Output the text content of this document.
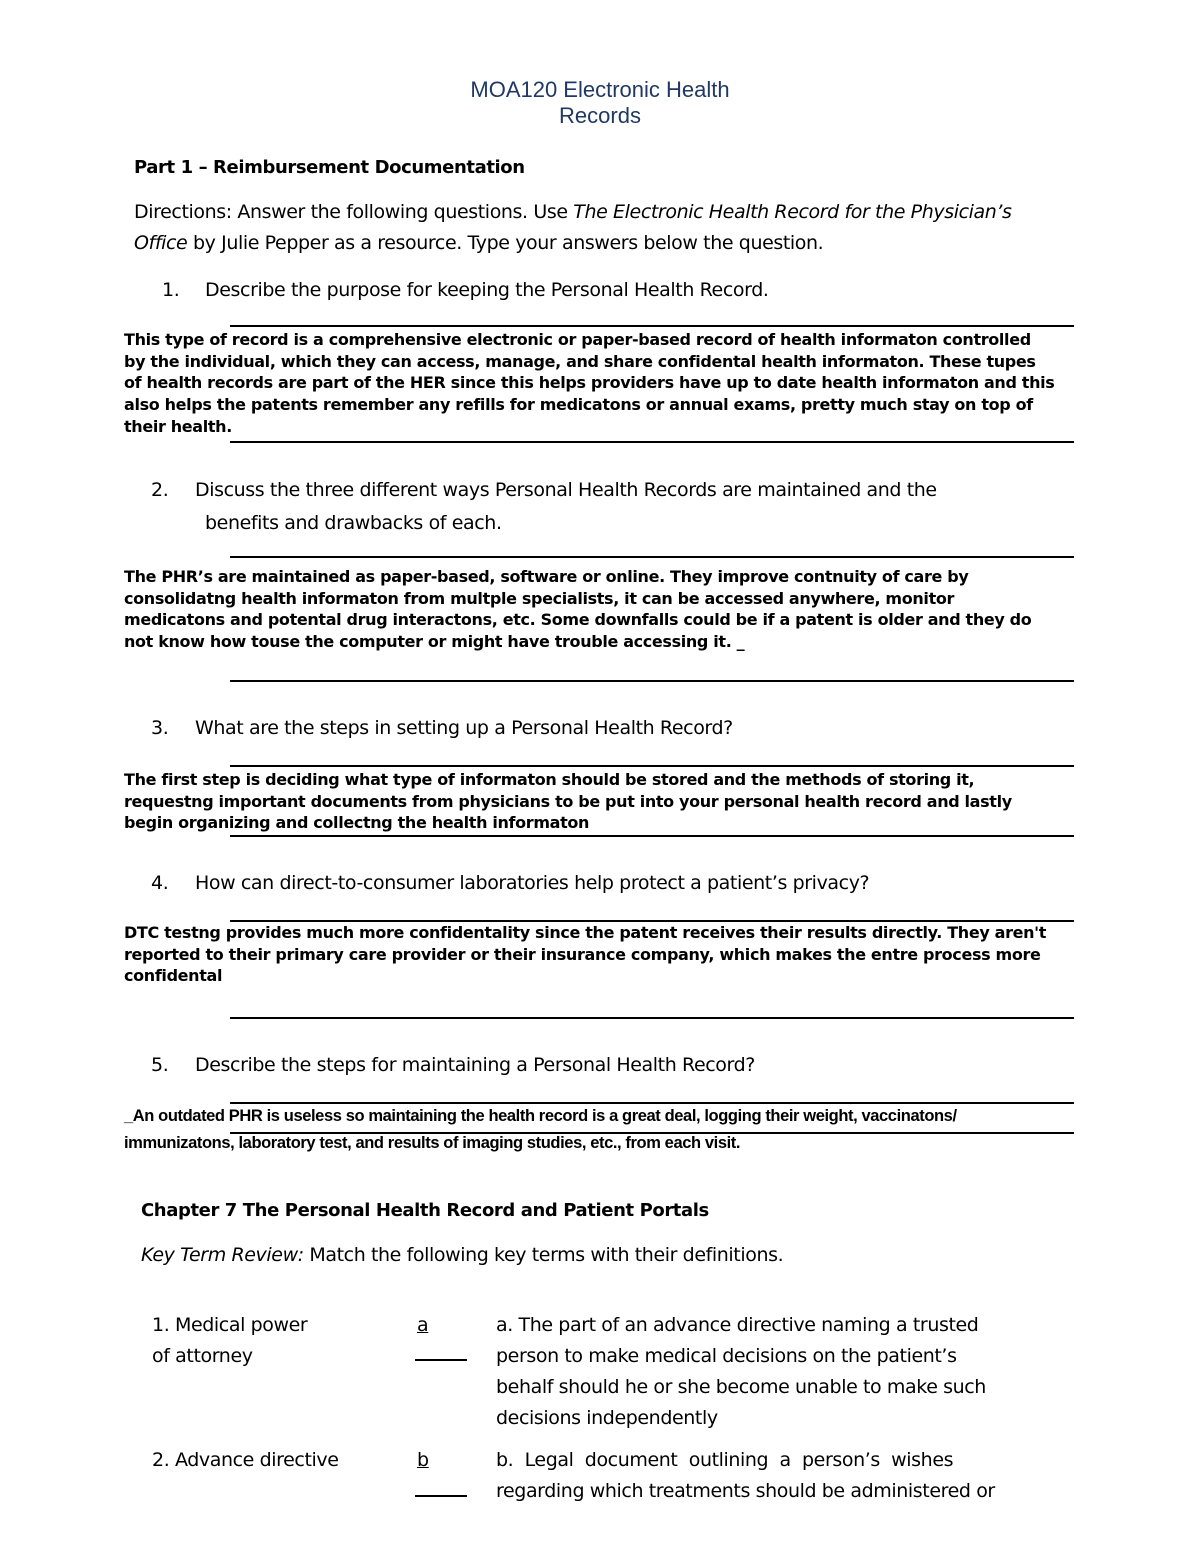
MOA120 Electronic Health
Records
Part 1 – Reimbursement Documentation
Directions: Answer the following questions. Use The Electronic Health Record for the Physician’s
Office by Julie Pepper as a resource. Type your answers below the question.
1. Describe the purpose for keeping the Personal Health Record.
This type of record is a comprehensive electronic or paper-based record of health informaton controlled
by the individual, which they can access, manage, and share confidental health informaton. These tupes
of health records are part of the HER since this helps providers have up to date health informaton and this
also helps the patents remember any refills for medicatons or annual exams, pretty much stay on top of
their health.
2. Discuss the three different ways Personal Health Records are maintained and the
benefits and drawbacks of each.
The PHR’s are maintained as paper-based, software or online. They improve contnuity of care by
consolidatng health informaton from multple specialists, it can be accessed anywhere, monitor
medicatons and potental drug interactons, etc. Some downfalls could be if a patent is older and they do
not know how touse the computer or might have trouble accessing it. _
3. What are the steps in setting up a Personal Health Record?
The first step is deciding what type of informaton should be stored and the methods of storing it,
requestng important documents from physicians to be put into your personal health record and lastly
begin organizing and collectng the health informaton
4. How can direct-to-consumer laboratories help protect a patient’s privacy?
DTC testng provides much more confidentality since the patent receives their results directly. They aren't
reported to their primary care provider or their insurance company, which makes the entre process more
confidental
5. Describe the steps for maintaining a Personal Health Record?
_An outdated PHR is useless so maintaining the health record is a great deal, logging their weight, vaccinatons/
immunizatons, laboratory test, and results of imaging studies, etc., from each visit.
Chapter 7 The Personal Health Record and Patient Portals
Key Term Review: Match the following key terms with their definitions.
1. Medical power
of attorney
a	a. The part of an advance directive naming a trusted
person to make medical decisions on the patient’s
behalf should he or she become unable to make such
decisions independently
2. Advance directive	b	b.  Legal  document  outlining  a  person’s  wishes
regarding which treatments should be administered or
